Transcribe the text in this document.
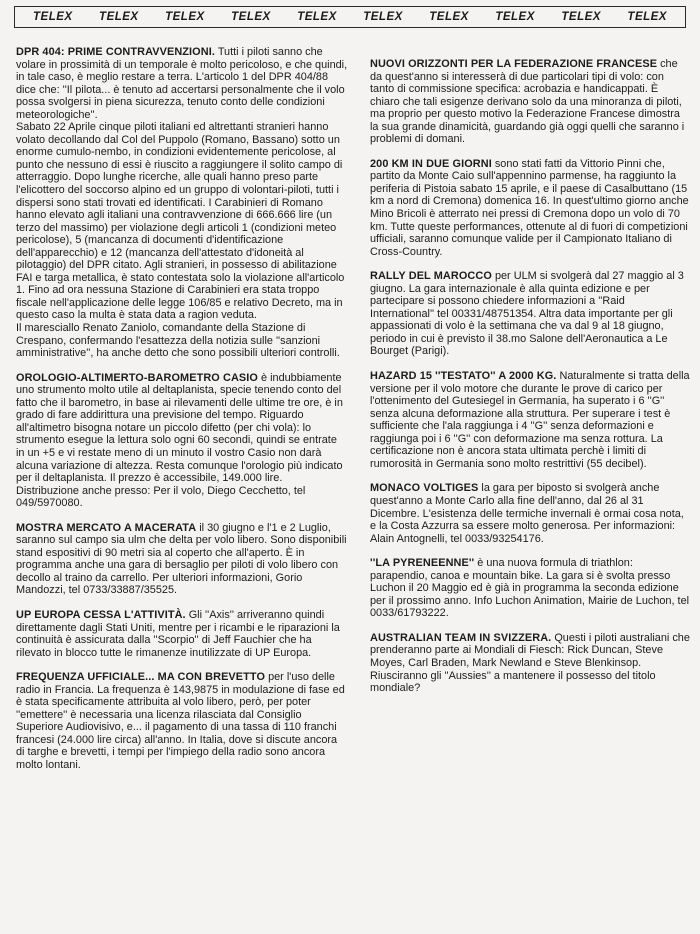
TELEX TELEX TELEX TELEX TELEX TELEX TELEX TELEX TELEX TELEX

DPR 404: PRIME CONTRAVVENZIONI. Tutti i piloti sanno che volare in prossimità di un temporale è molto pericoloso, e che quindi, in tale caso, è meglio restare a terra. L'articolo 1 del DPR 404/88 dice che: ''Il pilota... è tenuto ad accertarsi personalmente che il volo possa svolgersi in piena sicurezza, tenuto conto delle condizioni meteorologiche''.

Sabato 22 Aprile cinque piloti italiani ed altrettanti stranieri hanno volato decollando dal Col del Puppolo (Romano, Bassano) sotto un enorme cumulo-nembo, in condizioni evidentemente pericolose, al punto che nessuno di essi è riuscito a raggiungere il solito campo di atterraggio. Dopo lunghe ricerche, alle quali hanno preso parte l'elicottero del soccorso alpino ed un gruppo di volontari-piloti, tutti i dispersi sono stati trovati ed identificati. I Carabinieri di Romano hanno elevato agli italiani una contravvenzione di 666.666 lire (un terzo del massimo) per violazione degli articoli 1 (condizioni meteo pericolose), 5 (mancanza di documenti d'identificazione dell'apparecchio) e 12 (mancanza dell'attestato d'idoneità al pilotaggio) del DPR citato. Agli stranieri, in possesso di abilitazione FAI e targa metallica, è stato contestata solo la violazione all'articolo 1. Fino ad ora nessuna Stazione di Carabinieri era stata troppo fiscale nell'applicazione delle legge 106/85 e relativo Decreto, ma in questo caso la multa è stata data a ragion veduta.

Il maresciallo Renato Zaniolo, comandante della Stazione di Crespano, confermando l'esattezza della notizia sulle ''sanzioni amministrative'', ha anche detto che sono possibili ulteriori controlli.

OROLOGIO-ALTIMERTO-BAROMETRO CASIO è indubbiamente uno strumento molto utile al deltaplanista, specie tenendo conto del fatto che il barometro, in base ai rilevamenti delle ultime tre ore, è in grado di fare addirittura una previsione del tempo. Riguardo all'altimetro bisogna notare un piccolo difetto (per chi vola): lo strumento esegue la lettura solo ogni 60 secondi, quindi se entrate in un +5 e vi restate meno di un minuto il vostro Casio non darà alcuna variazione di altezza. Resta comunque l'orologio più indicato per il deltaplanista. Il prezzo è accessibile, 149.000 lire. Distribuzione anche presso: Per il volo, Diego Cecchetto, tel 049/5970080.

MOSTRA MERCATO A MACERATA il 30 giugno e l'1 e 2 Luglio, saranno sul campo sia ulm che delta per volo libero. Sono disponibili stand espositivi di 90 metri sia al coperto che all'aperto. È in programma anche una gara di bersaglio per piloti di volo libero con decollo al traino da carrello. Per ulteriori informazioni, Gorio Mandozzi, tel 0733/33887/35525.

UP EUROPA CESSA L'ATTIVITÀ. Gli ''Axis'' arriveranno quindi direttamente dagli Stati Uniti, mentre per i ricambi e le riparazioni la continuità è assicurata dalla ''Scorpio'' di Jeff Fauchier che ha rilevato in blocco tutte le rimanenze inutilizzate di UP Europa.

FREQUENZA UFFICIALE... MA CON BREVETTO per l'uso delle radio in Francia. La frequenza è 143,9875 in modulazione di fase ed è stata specificamente attribuita al volo libero, però, per poter ''emettere'' è necessaria una licenza rilasciata dal Consiglio Superiore Audiovisivo, e... il pagamento di una tassa di 110 franchi francesi (24.000 lire circa) all'anno. In Italia, dove si discute ancora di targhe e brevetti, i tempi per l'impiego della radio sono ancora molto lontani.

NUOVI ORIZZONTI PER LA FEDERAZIONE FRANCESE che da quest'anno si interesserà di due particolari tipi di volo: con tanto di commissione specifica: acrobazia e handicappati. È chiaro che tali esigenze derivano solo da una minoranza di piloti, ma proprio per questo motivo la Federazione Francese dimostra la sua grande dinamicità, guardando già oggi quelli che saranno i problemi di domani.

200 KM IN DUE GIORNI sono stati fatti da Vittorio Pinni che, partito da Monte Caio sull'appennino parmense, ha raggiunto la periferia di Pistoia sabato 15 aprile, e il paese di Casalbuttano (15 km a nord di Cremona) domenica 16. In quest'ultimo giorno anche Mino Bricoli è atterrato nei pressi di Cremona dopo un volo di 70 km. Tutte queste performances, ottenute al di fuori di competizioni ufficiali, saranno comunque valide per il Campionato Italiano di Cross-Country.

RALLY DEL MAROCCO per ULM si svolgerà dal 27 maggio al 3 giugno. La gara internazionale è alla quinta edizione e per partecipare si possono chiedere informazioni a ''Raid International'' tel 00331/48751354. Altra data importante per gli appassionati di volo è la settimana che va dal 9 al 18 giugno, periodo in cui è previsto il 38.mo Salone dell'Aeronautica a Le Bourget (Parigi).

HAZARD 15 ''TESTATO'' A 2000 KG. Naturalmente si tratta della versione per il volo motore che durante le prove di carico per l'ottenimento del Gutesiegel in Germania, ha superato i 6 ''G'' senza alcuna deformazione alla struttura. Per superare i test è sufficiente che l'ala raggiunga i 4 ''G'' senza deformazioni e raggiunga poi i 6 ''G'' con deformazione ma senza rottura. La certificazione non è ancora stata ultimata perchè i limiti di rumorosità in Germania sono molto restrittivi (55 decibel).

MONACO VOLTIGES la gara per biposto si svolgerà anche quest'anno a Monte Carlo alla fine dell'anno, dal 26 al 31 Dicembre. L'esistenza delle termiche invernali è ormai cosa nota, e la Costa Azzurra sa essere molto generosa. Per informazioni: Alain Antognelli, tel 0033/93254176.

''LA PYRENEENNE'' è una nuova formula di triathlon: parapendio, canoa e mountain bike. La gara si è svolta presso Luchon il 20 Maggio ed è già in programma la seconda edizione per il prossimo anno. Info Luchon Animation, Mairie de Luchon, tel 0033/61793222.

AUSTRALIAN TEAM IN SVIZZERA. Questi i piloti australiani che prenderanno parte ai Mondiali di Fiesch: Rick Duncan, Steve Moyes, Carl Braden, Mark Newland e Steve Blenkinsop. Riusciranno gli ''Aussies'' a mantenere il possesso del titolo mondiale?
